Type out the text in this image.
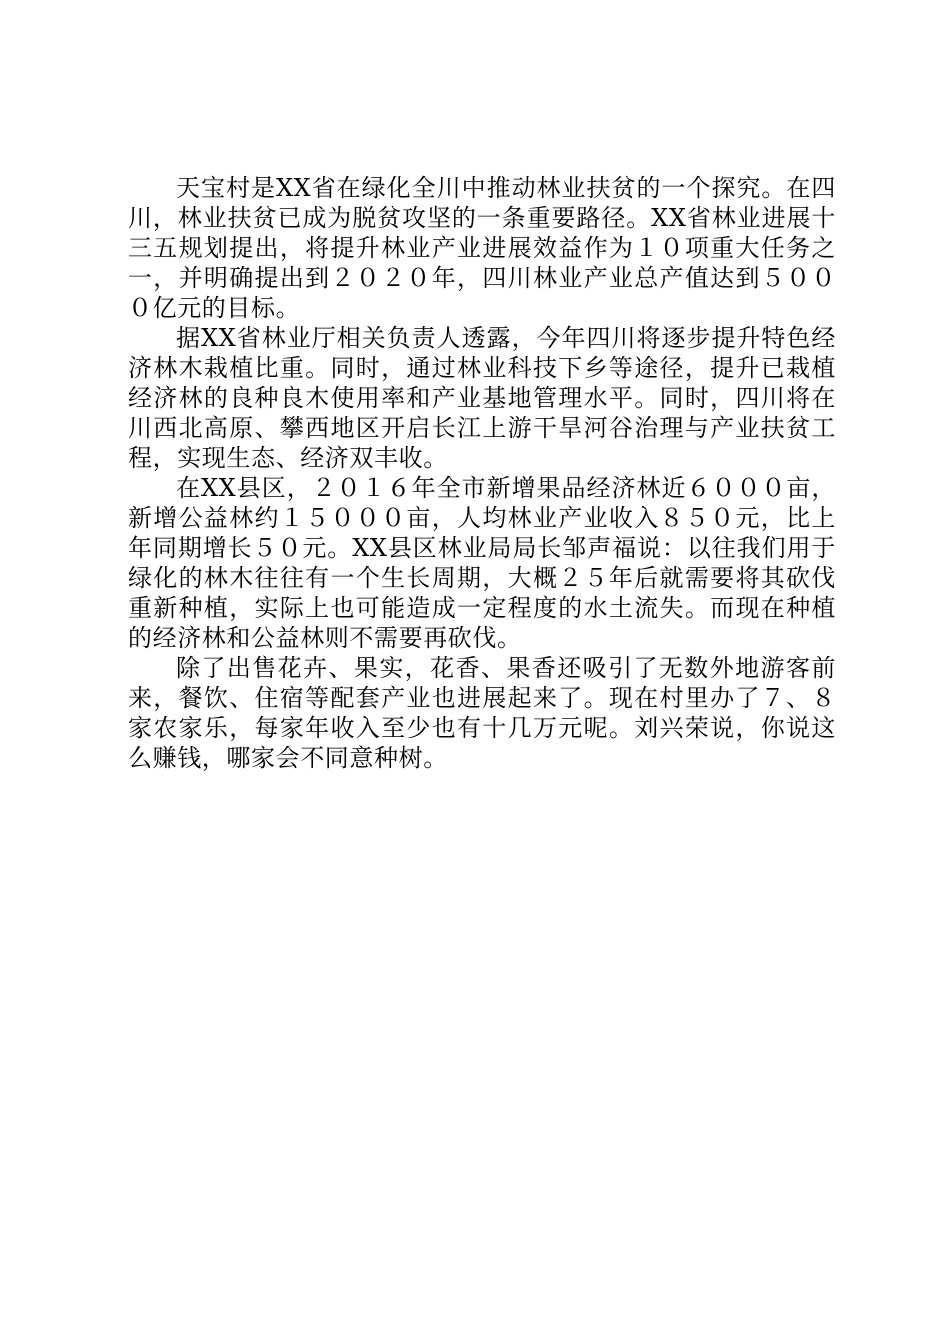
天宝村是XX省在绿化全川中推动林业扶贫的一个探究。在四川，林业扶贫已成为脱贫攻坚的一条重要路径。XX省林业进展十三五规划提出，将提升林业产业进展效益作为１０项重大任务之一，并明确提出到２０２０年，四川林业产业总产值达到５０００亿元的目标。

据XX省林业厅相关负责人透露，今年四川将逐步提升特色经济林木栽植比重。同时，通过林业科技下乡等途径，提升已栽植经济林的良种良木使用率和产业基地管理水平。同时，四川将在川西北高原、攀西地区开启长江上游干旱河谷治理与产业扶贫工程，实现生态、经济双丰收。

在XX县区，２０１６年全市新增果品经济林近６０００亩，新增公益林约１５０００亩，人均林业产业收入８５０元，比上年同期增长５０元。XX县区林业局局长邹声福说：以往我们用于绿化的林木往往有一个生长周期，大概２５年后就需要将其砍伐重新种植，实际上也可能造成一定程度的水土流失。而现在种植的经济林和公益林则不需要再砍伐。

除了出售花卉、果实，花香、果香还吸引了无数外地游客前来，餐饮、住宿等配套产业也进展起来了。现在村里办了７、８家农家乐，每家年收入至少也有十几万元呢。刘兴荣说，你说这么赚钱，哪家会不同意种树。
